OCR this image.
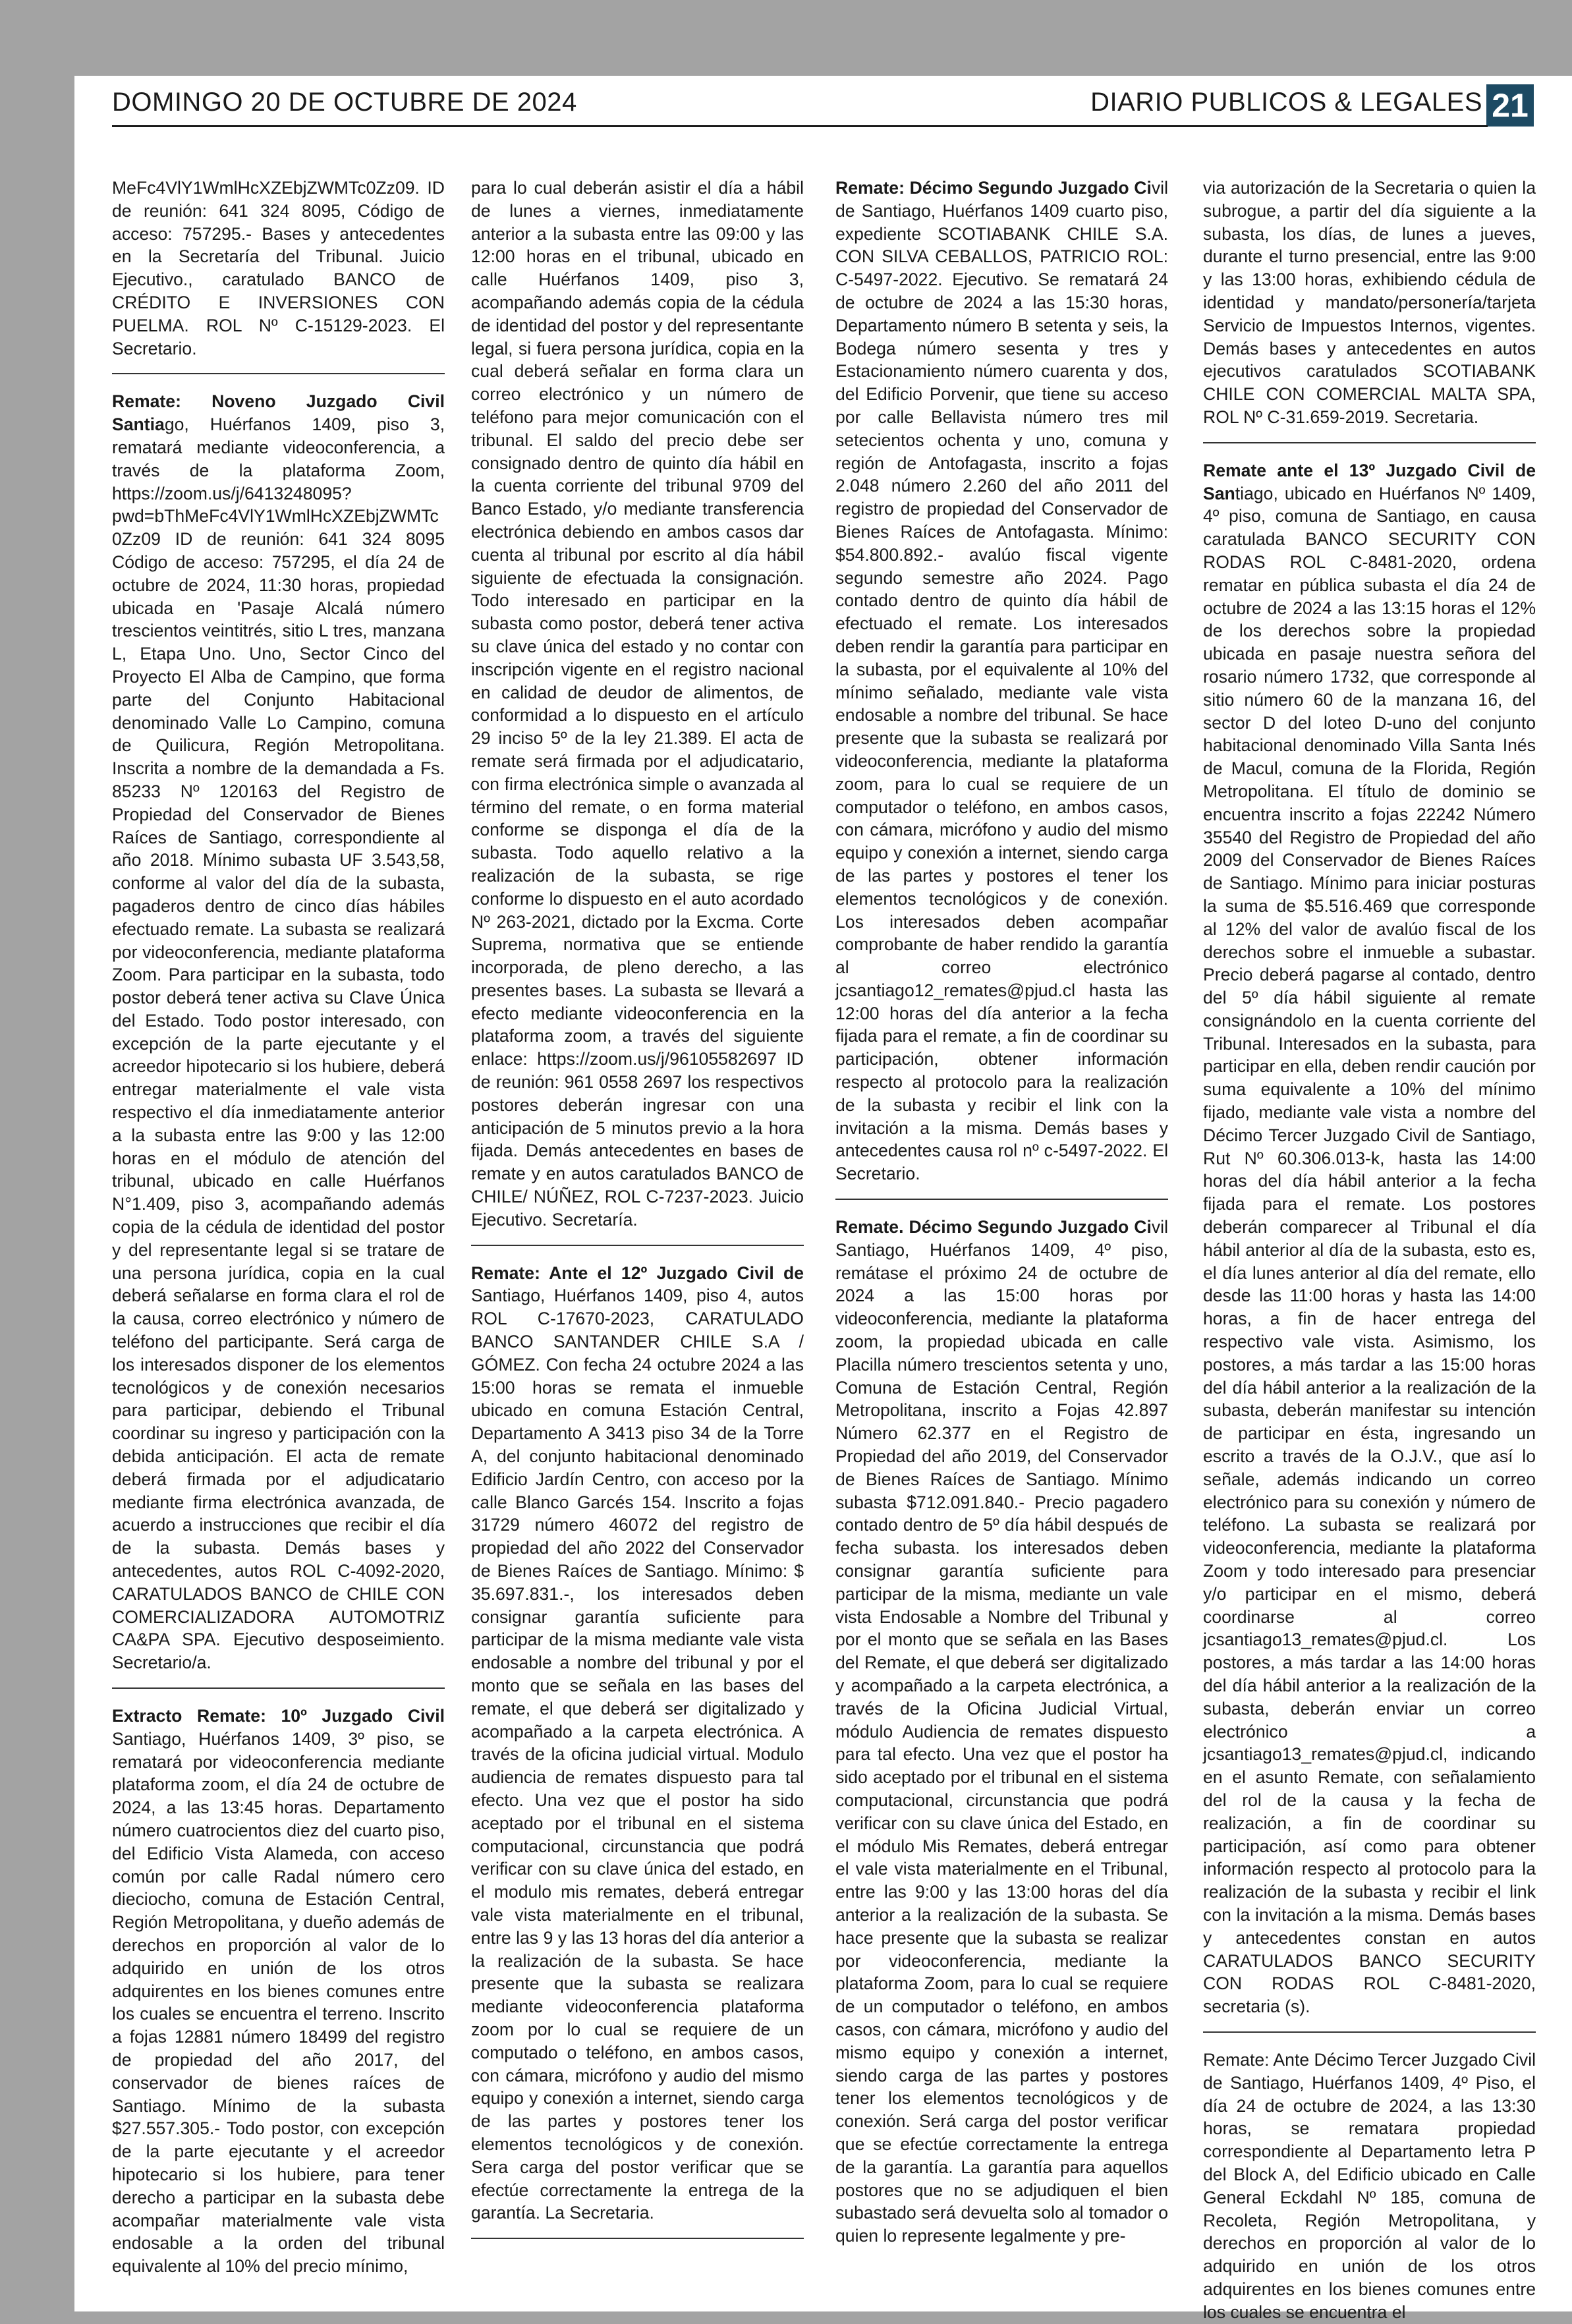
DOMINGO 20 DE OCTUBRE DE 2024	DIARIO PUBLICOS & LEGALES 21

MeFc4VlY1WmlHcXZEbjZWMTc0Zz09. ID de reunión: 641 324 8095, Código de acceso: 757295.- Bases y antecedentes en la Secretaría del Tribunal. Juicio Ejecutivo., caratulado BANCO de CRÉDITO E INVERSIONES CON PUELMA. ROL Nº C-15129-2023. El Secretario.

Remate: Noveno Juzgado Civil Santiago, Huérfanos 1409, piso 3, rematará mediante videoconferencia, a través de la plataforma Zoom, https://zoom.us/j/6413248095?pwd=bThMeFc4VlY1WmlHcXZEbjZWMTc0Zz09 ID de reunión: 641 324 8095 Código de acceso: 757295, el día 24 de octubre de 2024, 11:30 horas, propiedad ubicada en 'Pasaje Alcalá número trescientos veintitrés, sitio L tres, manzana L, Etapa Uno. Uno, Sector Cinco del Proyecto El Alba de Campino, que forma parte del Conjunto Habitacional denominado Valle Lo Campino, comuna de Quilicura, Región Metropolitana. Inscrita a nombre de la demandada a Fs. 85233 Nº 120163 del Registro de Propiedad del Conservador de Bienes Raíces de Santiago, correspondiente al año 2018. Mínimo subasta UF 3.543,58, conforme al valor del día de la subasta, pagaderos dentro de cinco días hábiles efectuado remate. La subasta se realizará por videoconferencia, mediante plataforma Zoom. Para participar en la subasta, todo postor deberá tener activa su Clave Única del Estado. Todo postor interesado, con excepción de la parte ejecutante y el acreedor hipotecario si los hubiere, deberá entregar materialmente el vale vista respectivo el día inmediatamente anterior a la subasta entre las 9:00 y las 12:00 horas en el módulo de atención del tribunal, ubicado en calle Huérfanos N°1.409, piso 3, acompañando además copia de la cédula de identidad del postor y del representante legal si se tratare de una persona jurídica, copia en la cual deberá señalarse en forma clara el rol de la causa, correo electrónico y número de teléfono del participante. Será carga de los interesados disponer de los elementos tecnológicos y de conexión necesarios para participar, debiendo el Tribunal coordinar su ingreso y participación con la debida anticipación. El acta de remate deberá firmada por el adjudicatario mediante firma electrónica avanzada, de acuerdo a instrucciones que recibir el día de la subasta. Demás bases y antecedentes, autos ROL C-4092-2020, CARATULADOS BANCO de CHILE CON COMERCIALIZADORA AUTOMOTRIZ CA&PA SPA. Ejecutivo desposeimiento. Secretario/a.

Extracto Remate: 10º Juzgado Civil Santiago, Huérfanos 1409, 3º piso, se rematará por videoconferencia mediante plataforma zoom, el día 24 de octubre de 2024, a las 13:45 horas. Departamento número cuatrocientos diez del cuarto piso, del Edificio Vista Alameda, con acceso común por calle Radal número cero dieciocho, comuna de Estación Central, Región Metropolitana, y dueño además de derechos en proporción al valor de lo adquirido en unión de los otros adquirentes en los bienes comunes entre los cuales se encuentra el terreno. Inscrito a fojas 12881 número 18499 del registro de propiedad del año 2017, del conservador de bienes raíces de Santiago. Mínimo de la subasta $27.557.305.- Todo postor, con excepción de la parte ejecutante y el acreedor hipotecario si los hubiere, para tener derecho a participar en la subasta debe acompañar materialmente vale vista endosable a la orden del tribunal equivalente al 10% del precio mínimo,

para lo cual deberán asistir el día a hábil de lunes a viernes, inmediatamente anterior a la subasta entre las 09:00 y las 12:00 horas en el tribunal, ubicado en calle Huérfanos 1409, piso 3, acompañando además copia de la cédula de identidad del postor y del representante legal, si fuera persona jurídica, copia en la cual deberá señalar en forma clara un correo electrónico y un número de teléfono para mejor comunicación con el tribunal. El saldo del precio debe ser consignado dentro de quinto día hábil en la cuenta corriente del tribunal 9709 del Banco Estado, y/o mediante transferencia electrónica debiendo en ambos casos dar cuenta al tribunal por escrito al día hábil siguiente de efectuada la consignación. Todo interesado en participar en la subasta como postor, deberá tener activa su clave única del estado y no contar con inscripción vigente en el registro nacional en calidad de deudor de alimentos, de conformidad a lo dispuesto en el artículo 29 inciso 5º de la ley 21.389. El acta de remate será firmada por el adjudicatario, con firma electrónica simple o avanzada al término del remate, o en forma material conforme se disponga el día de la subasta. Todo aquello relativo a la realización de la subasta, se rige conforme lo dispuesto en el auto acordado Nº 263-2021, dictado por la Excma. Corte Suprema, normativa que se entiende incorporada, de pleno derecho, a las presentes bases. La subasta se llevará a efecto mediante videoconferencia en la plataforma zoom, a través del siguiente enlace: https://zoom.us/j/96105582697 ID de reunión: 961 0558 2697 los respectivos postores deberán ingresar con una anticipación de 5 minutos previo a la hora fijada. Demás antecedentes en bases de remate y en autos caratulados BANCO de CHILE/ NÚÑEZ, ROL C-7237-2023. Juicio Ejecutivo. Secretaría.

Remate: Ante el 12º Juzgado Civil de Santiago, Huérfanos 1409, piso 4, autos ROL C-17670-2023, CARATULADO BANCO SANTANDER CHILE S.A / GÓMEZ. Con fecha 24 octubre 2024 a las 15:00 horas se remata el inmueble ubicado en comuna Estación Central, Departamento A 3413 piso 34 de la Torre A, del conjunto habitacional denominado Edificio Jardín Centro, con acceso por la calle Blanco Garcés 154. Inscrito a fojas 31729 número 46072 del registro de propiedad del año 2022 del Conservador de Bienes Raíces de Santiago. Mínimo: $ 35.697.831.-, los interesados deben consignar garantía suficiente para participar de la misma mediante vale vista endosable a nombre del tribunal y por el monto que se señala en las bases del remate, el que deberá ser digitalizado y acompañado a la carpeta electrónica. A través de la oficina judicial virtual. Modulo audiencia de remates dispuesto para tal efecto. Una vez que el postor ha sido aceptado por el tribunal en el sistema computacional, circunstancia que podrá verificar con su clave única del estado, en el modulo mis remates, deberá entregar vale vista materialmente en el tribunal, entre las 9 y las 13 horas del día anterior a la realización de la subasta. Se hace presente que la subasta se realizara mediante videoconferencia plataforma zoom por lo cual se requiere de un computado o teléfono, en ambos casos, con cámara, micrófono y audio del mismo equipo y conexión a internet, siendo carga de las partes y postores tener los elementos tecnológicos y de conexión. Sera carga del postor verificar que se efectúe correctamente la entrega de la garantía. La Secretaria.

Remate: Décimo Segundo Juzgado Civil de Santiago, Huérfanos 1409 cuarto piso, expediente SCOTIABANK CHILE S.A. CON SILVA CEBALLOS, PATRICIO ROL: C-5497-2022. Ejecutivo. Se rematará 24 de octubre de 2024 a las 15:30 horas, Departamento número B setenta y seis, la Bodega número sesenta y tres y Estacionamiento número cuarenta y dos, del Edificio Porvenir, que tiene su acceso por calle Bellavista número tres mil setecientos ochenta y uno, comuna y región de Antofagasta, inscrito a fojas 2.048 número 2.260 del año 2011 del registro de propiedad del Conservador de Bienes Raíces de Antofagasta. Mínimo: $54.800.892.- avalúo fiscal vigente segundo semestre año 2024. Pago contado dentro de quinto día hábil de efectuado el remate. Los interesados deben rendir la garantía para participar en la subasta, por el equivalente al 10% del mínimo señalado, mediante vale vista endosable a nombre del tribunal. Se hace presente que la subasta se realizará por videoconferencia, mediante la plataforma zoom, para lo cual se requiere de un computador o teléfono, en ambos casos, con cámara, micrófono y audio del mismo equipo y conexión a internet, siendo carga de las partes y postores el tener los elementos tecnológicos y de conexión. Los interesados deben acompañar comprobante de haber rendido la garantía al correo electrónico jcsantiago12_remates@pjud.cl hasta las 12:00 horas del día anterior a la fecha fijada para el remate, a fin de coordinar su participación, obtener información respecto al protocolo para la realización de la subasta y recibir el link con la invitación a la misma. Demás bases y antecedentes causa rol nº c-5497-2022. El Secretario.

Remate. Décimo Segundo Juzgado Civil Santiago, Huérfanos 1409, 4º piso, remátase el próximo 24 de octubre de 2024 a las 15:00 horas por videoconferencia, mediante la plataforma zoom, la propiedad ubicada en calle Placilla número trescientos setenta y uno, Comuna de Estación Central, Región Metropolitana, inscrito a Fojas 42.897 Número 62.377 en el Registro de Propiedad del año 2019, del Conservador de Bienes Raíces de Santiago. Mínimo subasta $712.091.840.- Precio pagadero contado dentro de 5º día hábil después de fecha subasta. los interesados deben consignar garantía suficiente para participar de la misma, mediante un vale vista Endosable a Nombre del Tribunal y por el monto que se señala en las Bases del Remate, el que deberá ser digitalizado y acompañado a la carpeta electrónica, a través de la Oficina Judicial Virtual, módulo Audiencia de remates dispuesto para tal efecto. Una vez que el postor ha sido aceptado por el tribunal en el sistema computacional, circunstancia que podrá verificar con su clave única del Estado, en el módulo Mis Remates, deberá entregar el vale vista materialmente en el Tribunal, entre las 9:00 y las 13:00 horas del día anterior a la realización de la subasta. Se hace presente que la subasta se realizar por videoconferencia, mediante la plataforma Zoom, para lo cual se requiere de un computador o teléfono, en ambos casos, con cámara, micrófono y audio del mismo equipo y conexión a internet, siendo carga de las partes y postores tener los elementos tecnológicos y de conexión. Será carga del postor verificar que se efectúe correctamente la entrega de la garantía. La garantía para aquellos postores que no se adjudiquen el bien subastado será devuelta solo al tomador o quien lo represente legalmente y pre-

via autorización de la Secretaria o quien la subrogue, a partir del día siguiente a la subasta, los días, de lunes a jueves, durante el turno presencial, entre las 9:00 y las 13:00 horas, exhibiendo cédula de identidad y mandato/personería/tarjeta Servicio de Impuestos Internos, vigentes. Demás bases y antecedentes en autos ejecutivos caratulados SCOTIABANK CHILE CON COMERCIAL MALTA SPA, ROL Nº C-31.659-2019. Secretaria.

Remate ante el 13º Juzgado Civil de Santiago, ubicado en Huérfanos Nº 1409, 4º piso, comuna de Santiago, en causa caratulada BANCO SECURITY CON RODAS ROL C-8481-2020, ordena rematar en pública subasta el día 24 de octubre de 2024 a las 13:15 horas el 12% de los derechos sobre la propiedad ubicada en pasaje nuestra señora del rosario número 1732, que corresponde al sitio número 60 de la manzana 16, del sector D del loteo D-uno del conjunto habitacional denominado Villa Santa Inés de Macul, comuna de la Florida, Región Metropolitana. El título de dominio se encuentra inscrito a fojas 22242 Número 35540 del Registro de Propiedad del año 2009 del Conservador de Bienes Raíces de Santiago. Mínimo para iniciar posturas la suma de $5.516.469 que corresponde al 12% del valor de avalúo fiscal de los derechos sobre el inmueble a subastar. Precio deberá pagarse al contado, dentro del 5º día hábil siguiente al remate consignándolo en la cuenta corriente del Tribunal. Interesados en la subasta, para participar en ella, deben rendir caución por suma equivalente a 10% del mínimo fijado, mediante vale vista a nombre del Décimo Tercer Juzgado Civil de Santiago, Rut Nº 60.306.013-k, hasta las 14:00 horas del día hábil anterior a la fecha fijada para el remate. Los postores deberán comparecer al Tribunal el día hábil anterior al día de la subasta, esto es, el día lunes anterior al día del remate, ello desde las 11:00 horas y hasta las 14:00 horas, a fin de hacer entrega del respectivo vale vista. Asimismo, los postores, a más tardar a las 15:00 horas del día hábil anterior a la realización de la subasta, deberán manifestar su intención de participar en ésta, ingresando un escrito a través de la O.J.V., que así lo señale, además indicando un correo electrónico para su conexión y número de teléfono. La subasta se realizará por videoconferencia, mediante la plataforma Zoom y todo interesado para presenciar y/o participar en el mismo, deberá coordinarse al correo jcsantiago13_remates@pjud.cl. Los postores, a más tardar a las 14:00 horas del día hábil anterior a la realización de la subasta, deberán enviar un correo electrónico a jcsantiago13_remates@pjud.cl, indicando en el asunto Remate, con señalamiento del rol de la causa y la fecha de realización, a fin de coordinar su participación, así como para obtener información respecto al protocolo para la realización de la subasta y recibir el link con la invitación a la misma. Demás bases y antecedentes constan en autos CARATULADOS BANCO SECURITY CON RODAS ROL C-8481-2020, secretaria (s).

Remate: Ante Décimo Tercer Juzgado Civil de Santiago, Huérfanos 1409, 4º Piso, el día 24 de octubre de 2024, a las 13:30 horas, se rematara propiedad correspondiente al Departamento letra P del Block A, del Edificio ubicado en Calle General Eckdahl Nº 185, comuna de Recoleta, Región Metropolitana, y derechos en proporción al valor de lo adquirido en unión de los otros adquirentes en los bienes comunes entre los cuales se encuentra el
